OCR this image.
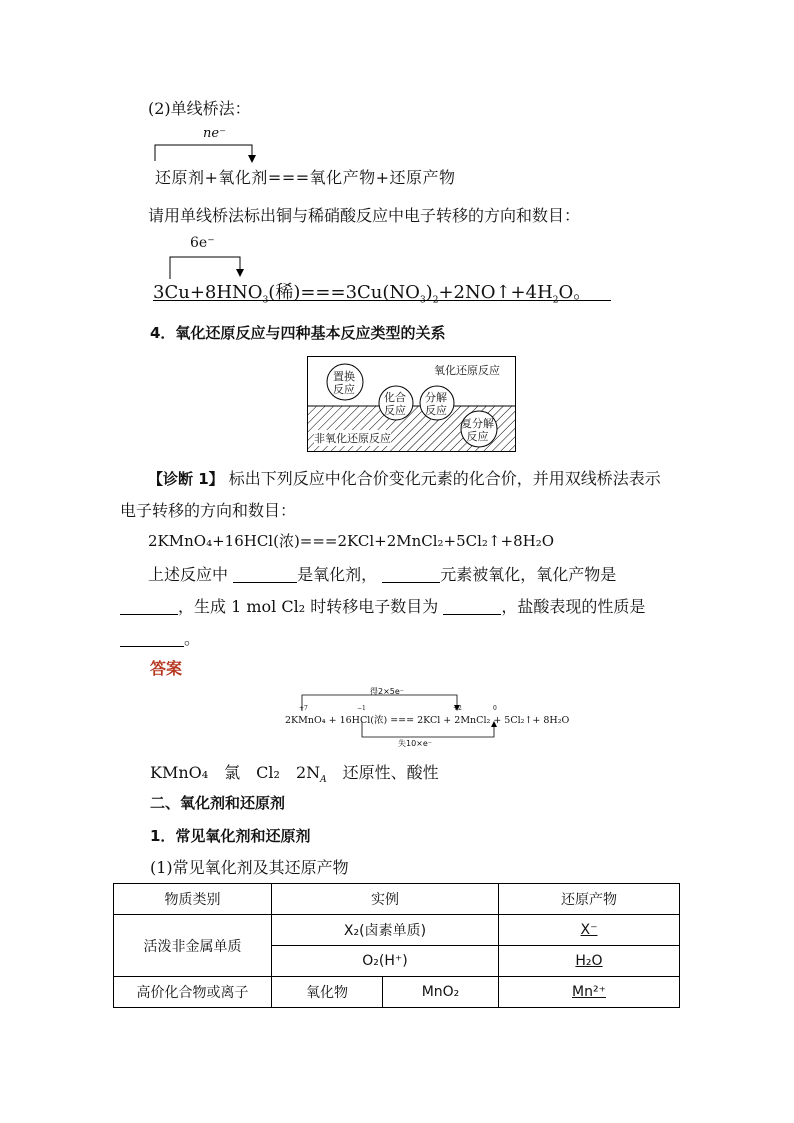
(2)单线桥法：
ne⁻
还原剂+氧化剂===氧化产物+还原产物
请用单线桥法标出铜与稀硝酸反应中电子转移的方向和数目：
6e⁻
$3Cu+8HNO_3$(稀)$===3Cu(NO_3)_2+2NO↑+4H_2O$。
4．氧化还原反应与四种基本反应类型的关系
氧化还原反应
非氧化还原反应
置换
反应
化合
反应
分解
反应
复分解
反应
【诊断 1】 标出下列反应中化合价变化元素的化合价，并用双线桥法表示
电子转移的方向和数目：
2KMnO₄+16HCl(浓)===2KCl+2MnCl₂+5Cl₂↑+8H₂O
上述反应中	是氧化剂，	元素被氧化，氧化产物是
，生成 1 mol Cl₂ 时转移电子数目为	，盐酸表现的性质是
。
答案
得2×5e⁻
失10×e⁻
+7	−1	+2	0
2KMnO₄ + 16HCl(浓) === 2KCl + 2MnCl₂ + 5Cl₂↑+ 8H₂O
KMnO₄　氯　Cl₂　$2N_A$　还原性、酸性
二、氧化剂和还原剂
1．常见氧化剂和还原剂
(1)常见氧化剂及其还原产物
物质类别	实例		还原产物
活泼非金属单质	X₂(卤素单质)		X⁻
	O₂(H⁺)		H₂O
高价化合物或离子	氧化物	MnO₂	Mn²⁺
